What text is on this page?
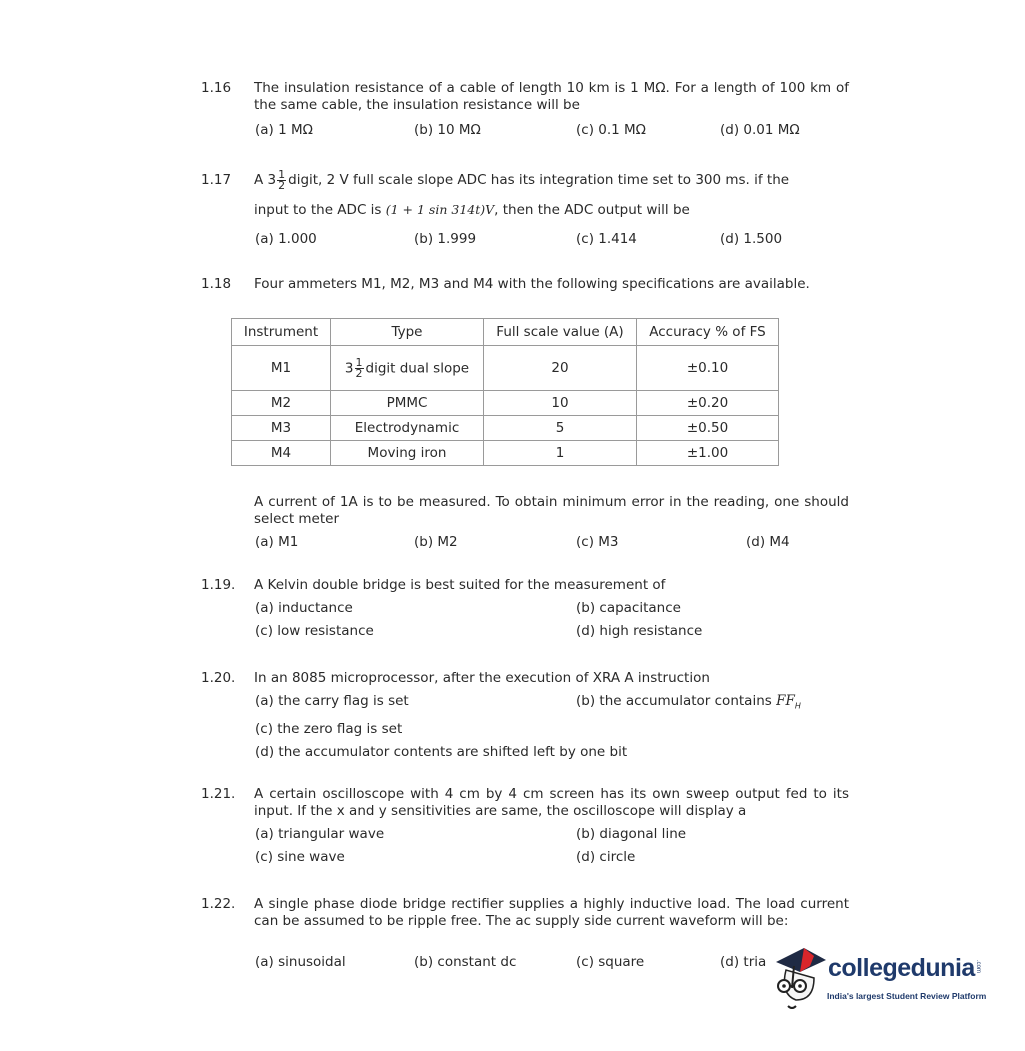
1.16 The insulation resistance of a cable of length 10 km is 1 MΩ. For a length of 100 km of the same cable, the insulation resistance will be
(a) 1 MΩ	(b) 10 MΩ	(c) 0.1 MΩ	(d) 0.01 MΩ
1.17 A $3 \frac{1}{2}$ digit, 2 V full scale slope ADC has its integration time set to 300 ms. if the
input to the ADC is (1 + 1 sin 314t)V, then the ADC output will be
(a) 1.000	(b) 1.999	(c) 1.414	(d) 1.500
1.18 Four ammeters M1, M2, M3 and M4 with the following specifications are available.
Instrument	Type	Full scale value (A)	Accuracy % of FS
M1	$3 \frac{1}{2}$ digit dual slope	20	±0.10
M2	PMMC	10	±0.20
M3	Electrodynamic	5	±0.50
M4	Moving iron	1	±1.00
A current of 1A is to be measured. To obtain minimum error in the reading, one should select meter
(a) M1	(b) M2	(c) M3	(d) M4
1.19. A Kelvin double bridge is best suited for the measurement of
(a) inductance	(b) capacitance
(c) low resistance	(d) high resistance
1.20. In an 8085 microprocessor, after the execution of XRA A instruction
(a) the carry flag is set	(b) the accumulator contains $FF_H$
(c) the zero flag is set
(d) the accumulator contents are shifted left by one bit
1.21. A certain oscilloscope with 4 cm by 4 cm screen has its own sweep output fed to its input. If the x and y sensitivities are same, the oscilloscope will display a
(a) triangular wave	(b) diagonal line
(c) sine wave	(d) circle
1.22. A single phase diode bridge rectifier supplies a highly inductive load. The load current can be assumed to be ripple free. The ac supply side current waveform will be:
(a) sinusoidal	(b) constant dc	(c) square	(d) tria collegedunia .com
India's largest Student Review Platform
